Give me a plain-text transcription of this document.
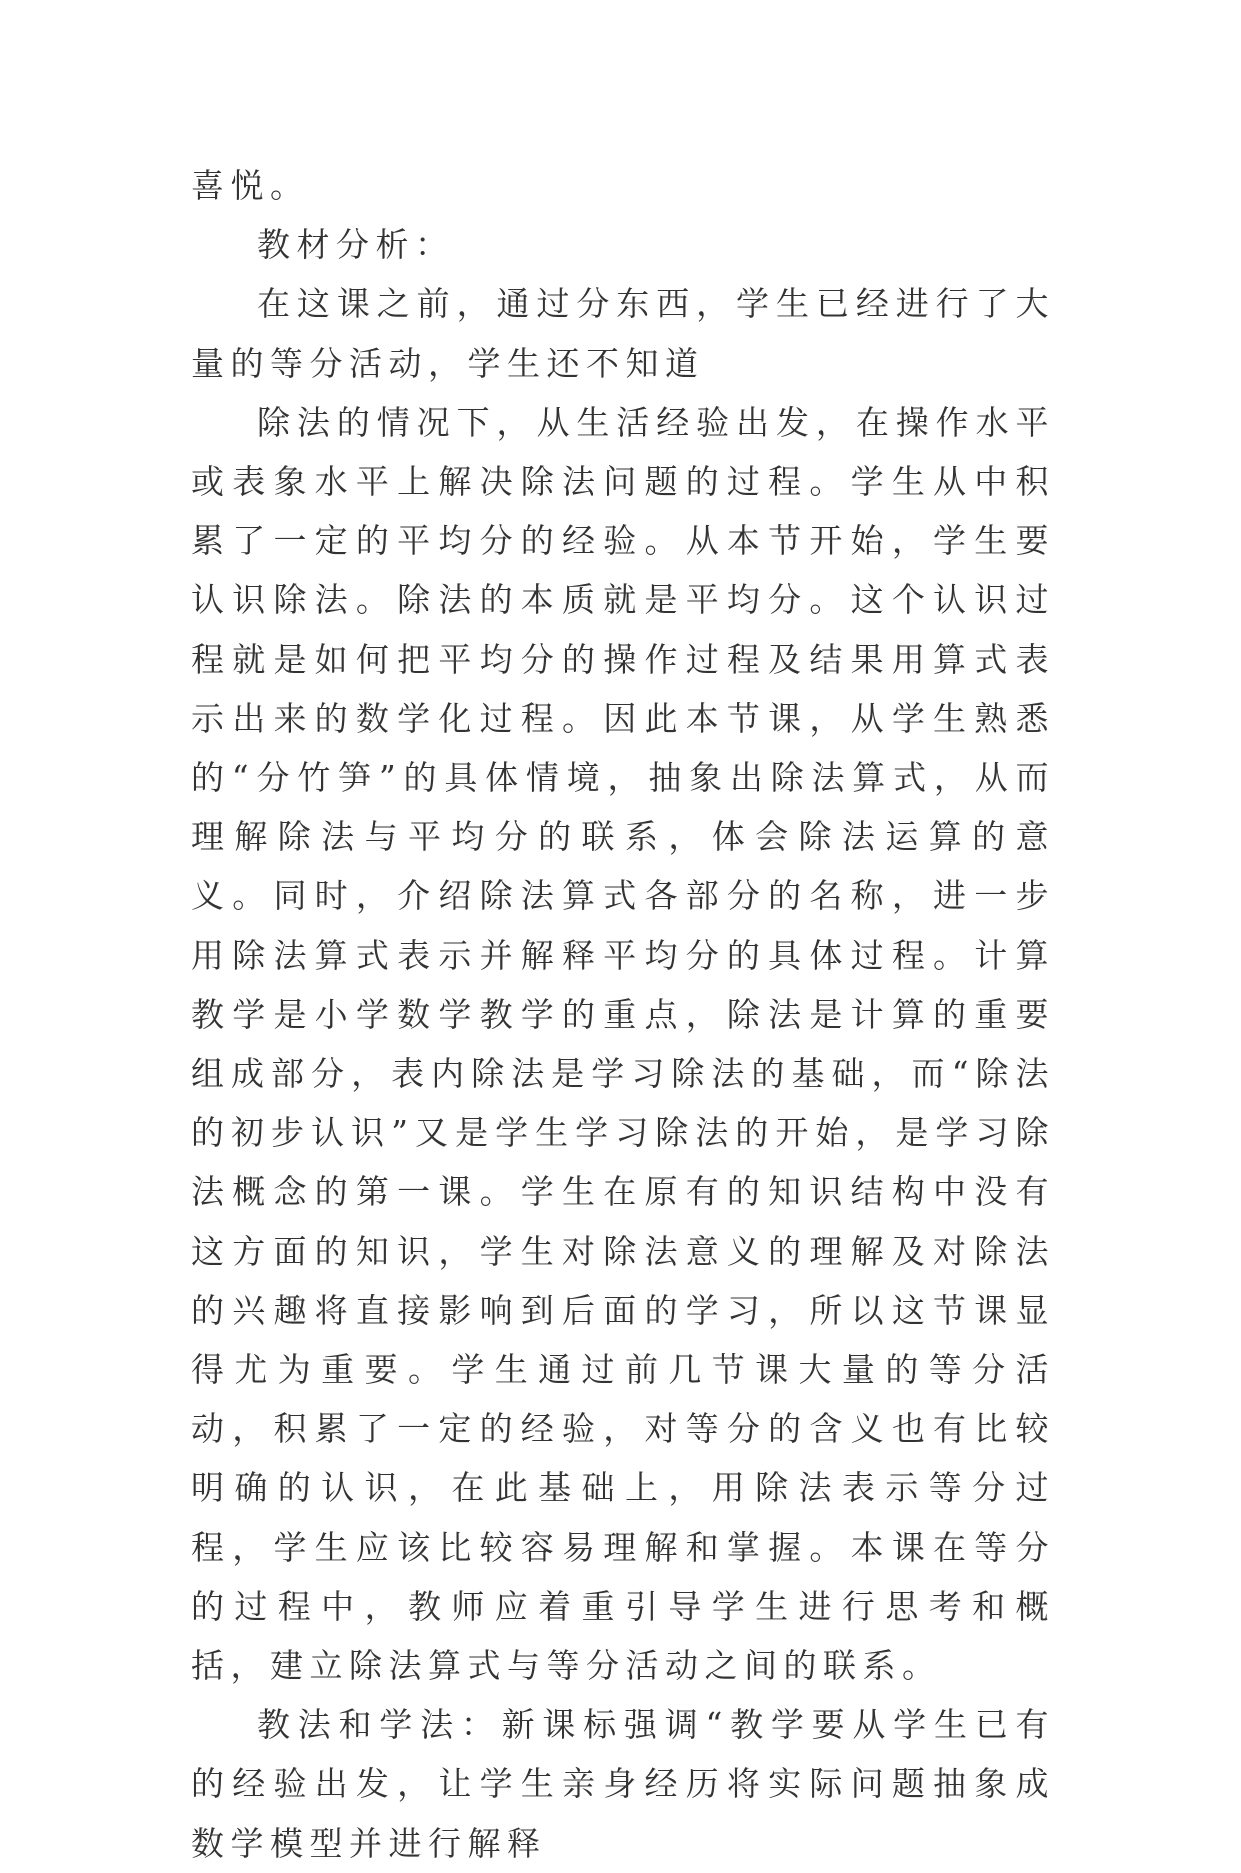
喜悦。

教材分析：

在这课之前，通过分东西，学生已经进行了大量的等分活动，学生还不知道

除法的情况下，从生活经验出发，在操作水平或表象水平上解决除法问题的过程。学生从中积累了一定的平均分的经验。从本节开始，学生要认识除法。除法的本质就是平均分。这个认识过程就是如何把平均分的操作过程及结果用算式表示出来的数学化过程。因此本节课，从学生熟悉的“分竹笋”的具体情境，抽象出除法算式，从而理解除法与平均分的联系，体会除法运算的意义。同时，介绍除法算式各部分的名称，进一步用除法算式表示并解释平均分的具体过程。计算教学是小学数学教学的重点，除法是计算的重要组成部分，表内除法是学习除法的基础，而“除法的初步认识”又是学生学习除法的开始，是学习除法概念的第一课。学生在原有的知识结构中没有这方面的知识，学生对除法意义的理解及对除法的兴趣将直接影响到后面的学习，所以这节课显得尤为重要。学生通过前几节课大量的等分活动，积累了一定的经验，对等分的含义也有比较明确的认识，在此基础上，用除法表示等分过程，学生应该比较容易理解和掌握。本课在等分的过程中，教师应着重引导学生进行思考和概括，建立除法算式与等分活动之间的联系。

教法和学法：新课标强调“教学要从学生已有的经验出发，让学生亲身经历将实际问题抽象成数学模型并进行解释
